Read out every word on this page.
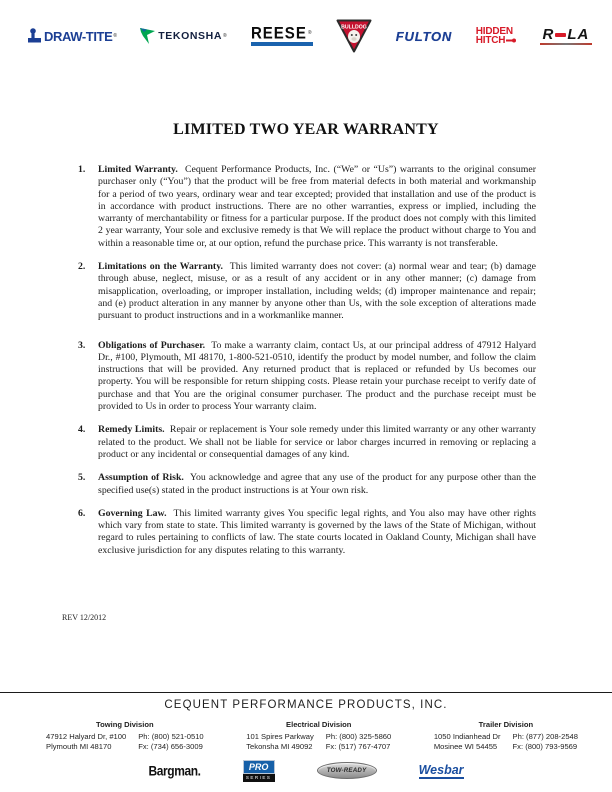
DRAW-TITE ®	TEKONSHA ® REESE®
BULLDOG
FULTON HIDDEN
HITCH R LA
LIMITED TWO YEAR WARRANTY
1.	Limited Warranty. Cequent Performance Products, Inc. (“We” or “Us”) warrants to the original consumer purchaser only (“You”) that the product will be free from material defects in both material and workmanship for a period of two years, ordinary wear and tear excepted; provided that installation and use of the product is in accordance with product instructions. There are no other warranties, express or implied, including the warranty of merchantability or fitness for a particular purpose. If the product does not comply with this limited 2 year warranty, Your sole and exclusive remedy is that We will replace the product without charge to You and within a reasonable time or, at our option, refund the purchase price. This warranty is not transferable.

2.	Limitations on the Warranty. This limited warranty does not cover: (a) normal wear and tear; (b) damage through abuse, neglect, misuse, or as a result of any accident or in any other manner; (c) damage from misapplication, overloading, or improper installation, including welds; (d) improper maintenance and repair; and (e) product alteration in any manner by anyone other than Us, with the sole exception of alterations made pursuant to product instructions and in a workmanlike manner.

3.	Obligations of Purchaser. To make a warranty claim, contact Us, at our principal address of 47912 Halyard Dr., #100, Plymouth, MI 48170, 1-800-521-0510, identify the product by model number, and follow the claim instructions that will be provided. Any returned product that is replaced or refunded by Us becomes our property. You will be responsible for return shipping costs. Please retain your purchase receipt to verify date of purchase and that You are the original consumer purchaser. The product and the purchase receipt must be provided to Us in order to process Your warranty claim.

4.	Remedy Limits. Repair or replacement is Your sole remedy under this limited warranty or any other warranty related to the product. We shall not be liable for service or labor charges incurred in removing or replacing a product or any incidental or consequential damages of any kind.

5.	Assumption of Risk. You acknowledge and agree that any use of the product for any purpose other than the specified use(s) stated in the product instructions is at Your own risk.

6.	Governing Law. This limited warranty gives You specific legal rights, and You also may have other rights which vary from state to state. This limited warranty is governed by the laws of the State of Michigan, without regard to rules pertaining to conflicts of law. The state courts located in Oakland County, Michigan shall have exclusive jurisdiction for any disputes relating to this warranty.

REV 12/2012
CEQUENT PERFORMANCE PRODUCTS, INC.
Towing Division
47912 Halyard Dr, #100 Ph: (800) 521-0510
Plymouth MI 48170	Fx: (734) 656-3009
Electrical Division
101 Spires Parkway Ph: (800) 325-5860
Tekonsha MI 49092 Fx: (517) 767-4707
Trailer Division
1050 Indianhead Dr Ph: (877) 208-2548
Mosinee WI 54455	Fx: (800) 793-9569
Bargman.	PRO
SERIES
TOW-READY	Wesbar
